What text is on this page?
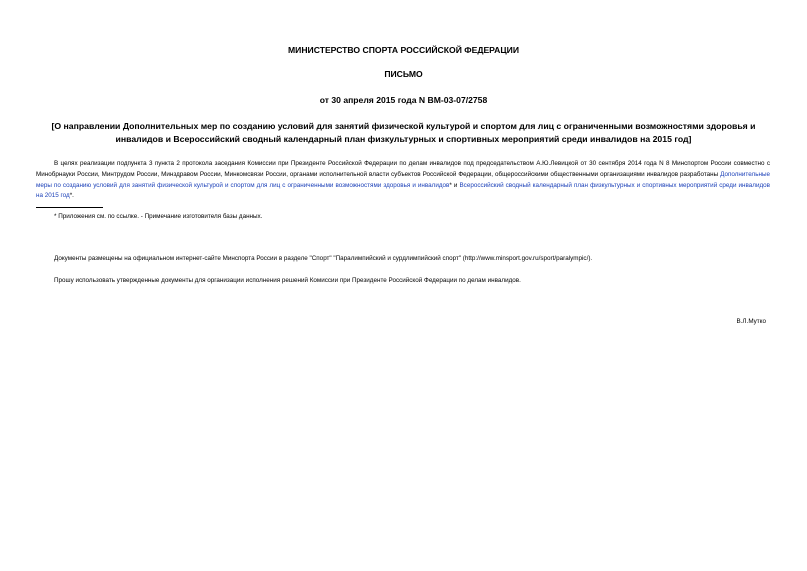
МИНИСТЕРСТВО СПОРТА РОССИЙСКОЙ ФЕДЕРАЦИИ
ПИСЬМО
от 30 апреля 2015 года N ВМ-03-07/2758
[О направлении Дополнительных мер по созданию условий для занятий физической культурой и спортом для лиц с ограниченными возможностями здоровья и инвалидов и Всероссийский сводный календарный план физкультурных и спортивных мероприятий среди инвалидов на 2015 год]
В целях реализации подпункта 3 пункта 2 протокола заседания Комиссии при Президенте Российской Федерации по делам инвалидов под председательством А.Ю.Левицкой от 30 сентября 2014 года N 8 Минспортом России совместно с Минобрнауки России, Минтрудом России, Минздравом России, Минкомсвязи России, органами исполнительной власти субъектов Российской Федерации, общероссийскими общественными организациями инвалидов разработаны Дополнительные меры по созданию условий для занятий физической культурой и спортом для лиц с ограниченными возможностями здоровья и инвалидов* и Всероссийский сводный календарный план физкультурных и спортивных мероприятий среди инвалидов на 2015 год*.
* Приложения см. по ссылке. - Примечание изготовителя базы данных.
Документы размещены на официальном интернет-сайте Минспорта России в разделе "Спорт" "Паралимпийский и сурдлимпийский спорт" (http://www.minsport.gov.ru/sport/paralympic/).
Прошу использовать утвержденные документы для организации исполнения решений Комиссии при Президенте Российской Федерации по делам инвалидов.
В.Л.Мутко
